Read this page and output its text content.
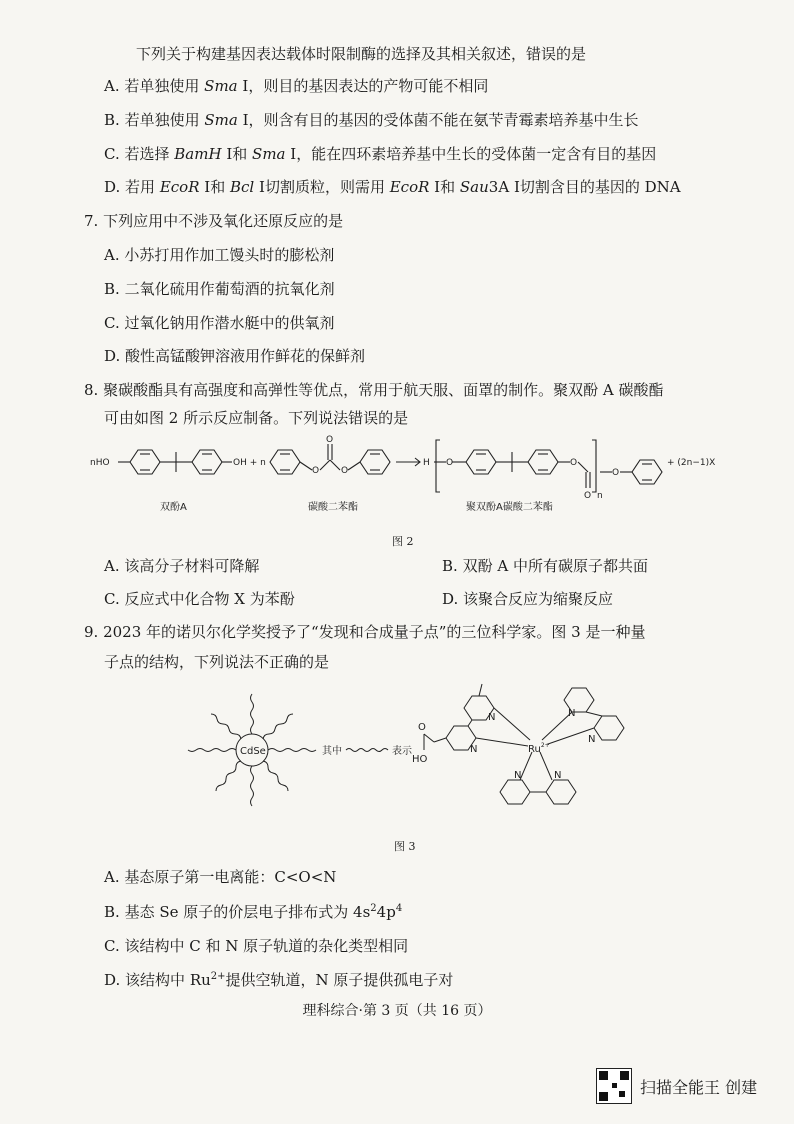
下列关于构建基因表达载体时限制酶的选择及其相关叙述，错误的是
A. 若单独使用 Sma Ⅰ，则目的基因表达的产物可能不相同
B. 若单独使用 Sma Ⅰ，则含有目的基因的受体菌不能在氨苄青霉素培养基中生长
C. 若选择 BamH Ⅰ和 Sma Ⅰ，能在四环素培养基中生长的受体菌一定含有目的基因
D. 若用 EcoR Ⅰ和 Bcl Ⅰ切割质粒，则需用 EcoR Ⅰ和 Sau3A Ⅰ切割含目的基因的 DNA
7. 下列应用中不涉及氧化还原反应的是
A. 小苏打用作加工馒头时的膨松剂
B. 二氧化硫用作葡萄酒的抗氧化剂
C. 过氧化钠用作潜水艇中的供氧剂
D. 酸性高锰酸钾溶液用作鲜花的保鲜剂
8. 聚碳酸酯具有高强度和高弹性等优点，常用于航天服、面罩的制作。聚双酚 A 碳酸酯
可由如图 2 所示反应制备。下列说法错误的是
nHO	OH + n
O
O
O
H O	O
O n
O
+ (2n−1)X
双酚A	碳酸二苯酯	聚双酚A碳酸二苯酯
图 2
A. 该高分子材料可降解	B. 双酚 A 中所有碳原子都共面
C. 反应式中化合物 X 为苯酚	D. 该聚合反应为缩聚反应
9. 2023 年的诺贝尔化学奖授予了“发现和合成量子点”的三位科学家。图 3 是一种量
子点的结构，下列说法不正确的是
CdSe	其中	表示	$Ru^{2+}$
O
HO
N
N
N
N
N	N
图 3
A. 基态原子第一电离能：C<O<N
B. 基态 Se 原子的价层电子排布式为 $4s^24p^4$
C. 该结构中 C 和 N 原子轨道的杂化类型相同
D. 该结构中 $Ru^{2+}$提供空轨道，N 原子提供孤电子对
理科综合·第 3 页（共 16 页）
扫描全能王 创建
